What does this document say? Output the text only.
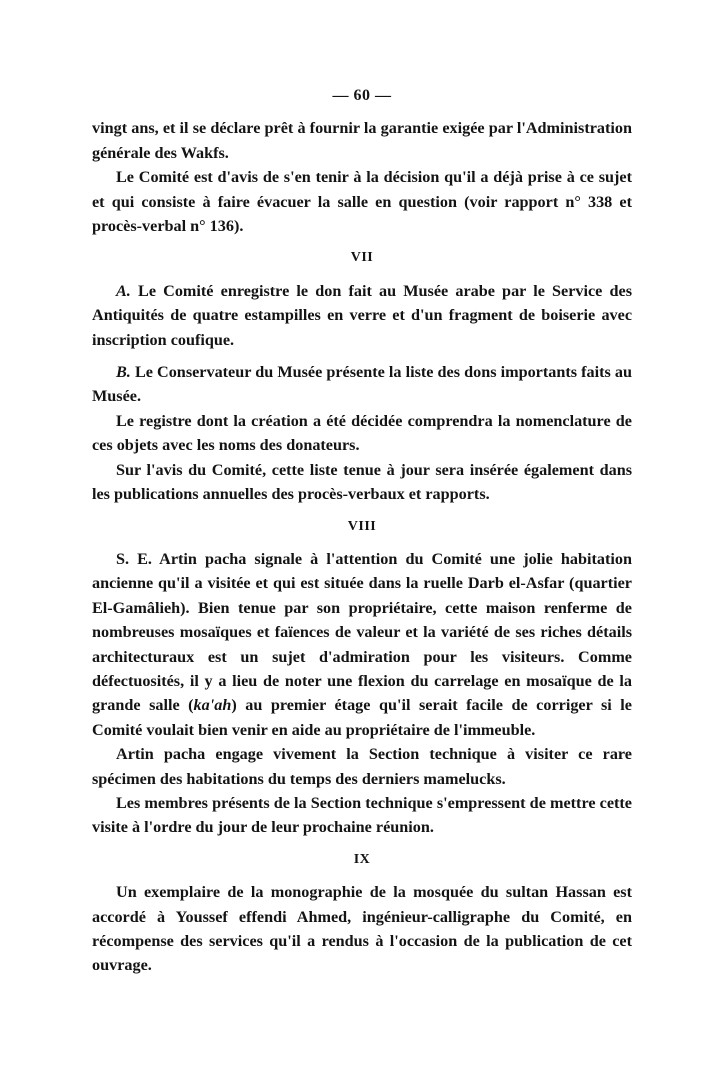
— 60 —

vingt ans, et il se déclare prêt à fournir la garantie exigée par l'Administration générale des Wakfs.

Le Comité est d'avis de s'en tenir à la décision qu'il a déjà prise à ce sujet et qui consiste à faire évacuer la salle en question (voir rapport n° 338 et procès-verbal n° 136).

VII

A. Le Comité enregistre le don fait au Musée arabe par le Service des Antiquités de quatre estampilles en verre et d'un fragment de boiserie avec inscription coufique.

B. Le Conservateur du Musée présente la liste des dons importants faits au Musée.

Le registre dont la création a été décidée comprendra la nomenclature de ces objets avec les noms des donateurs.

Sur l'avis du Comité, cette liste tenue à jour sera insérée également dans les publications annuelles des procès-verbaux et rapports.

VIII

S. E. Artin pacha signale à l'attention du Comité une jolie habitation ancienne qu'il a visitée et qui est située dans la ruelle Darb el-Asfar (quartier El-Gamâlieh). Bien tenue par son propriétaire, cette maison renferme de nombreuses mosaïques et faïences de valeur et la variété de ses riches détails architecturaux est un sujet d'admiration pour les visiteurs. Comme défectuosités, il y a lieu de noter une flexion du carrelage en mosaïque de la grande salle (ka'ah) au premier étage qu'il serait facile de corriger si le Comité voulait bien venir en aide au propriétaire de l'immeuble.

Artin pacha engage vivement la Section technique à visiter ce rare spécimen des habitations du temps des derniers mamelucks.

Les membres présents de la Section technique s'empressent de mettre cette visite à l'ordre du jour de leur prochaine réunion.

IX

Un exemplaire de la monographie de la mosquée du sultan Hassan est accordé à Youssef effendi Ahmed, ingénieur-calligraphe du Comité, en récompense des services qu'il a rendus à l'occasion de la publication de cet ouvrage.
